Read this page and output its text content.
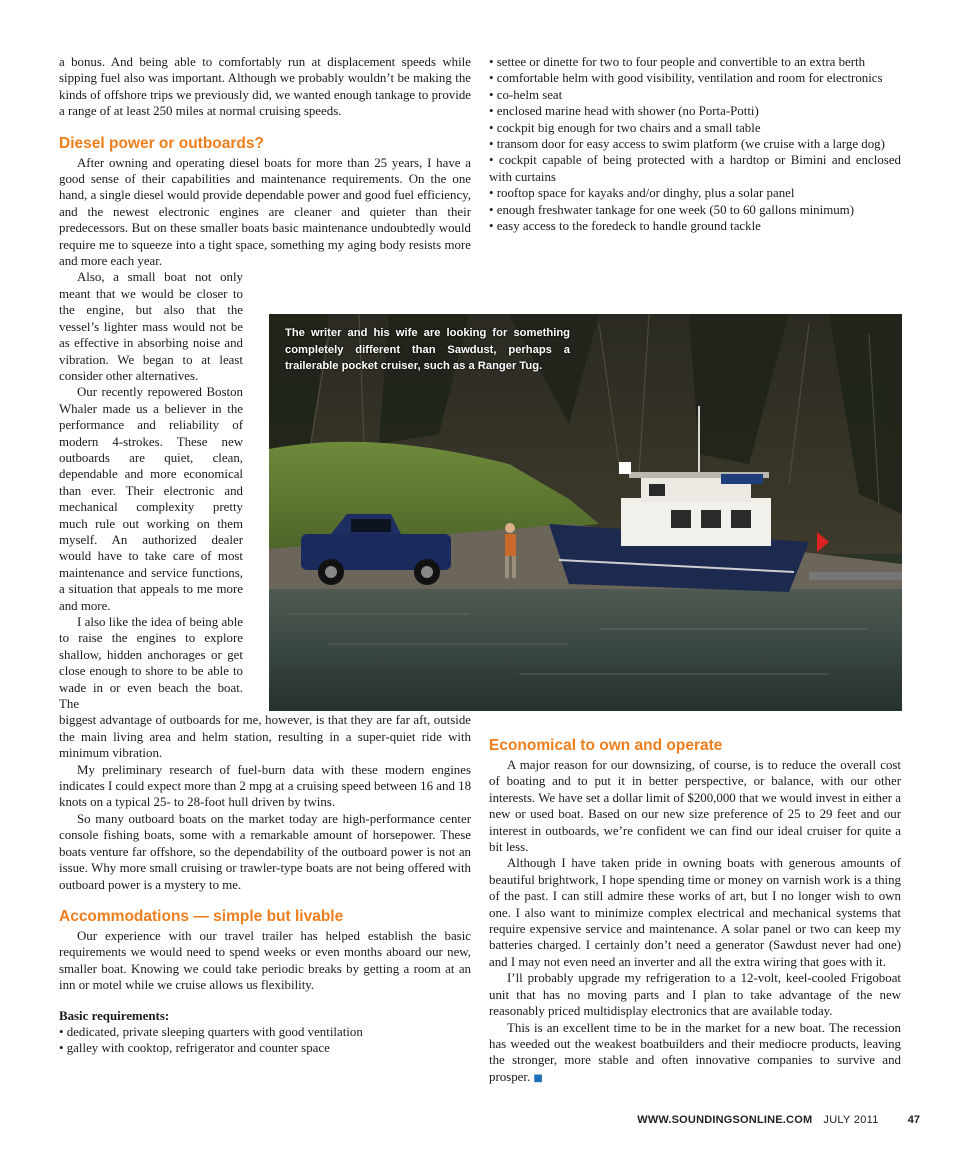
a bonus. And being able to comfortably run at displacement speeds while sipping fuel also was important. Although we probably wouldn’t be making the kinds of offshore trips we previously did, we wanted enough tankage to provide a range of at least 250 miles at normal cruising speeds.

Diesel power or outboards?

After owning and operating diesel boats for more than 25 years, I have a good sense of their capabilities and maintenance requirements. On the one hand, a single diesel would provide dependable power and good fuel efficiency, and the newest electronic engines are cleaner and quieter than their predecessors. But on these smaller boats basic maintenance undoubtedly would require me to squeeze into a tight space, something my aging body resists more and more each year.

Also, a small boat not only meant that we would be closer to the engine, but also that the vessel’s lighter mass would not be as effective in absorbing noise and vibration. We began to at least consider other alternatives.

Our recently repowered Boston Whaler made us a believer in the performance and reliability of modern 4-strokes. These new outboards are quiet, clean, dependable and more economical than ever. Their electronic and mechanical complexity pretty much rule out working on them myself. An authorized dealer would have to take care of most maintenance and service functions, a situation that appeals to me more and more.

I also like the idea of being able to raise the engines to explore shallow, hidden anchorages or get close enough to shore to be able to wade in or even beach the boat. The

biggest advantage of outboards for me, however, is that they are far aft, outside the main living area and helm station, resulting in a super-quiet ride with minimum vibration.

My preliminary research of fuel-burn data with these modern engines indicates I could expect more than 2 mpg at a cruising speed between 16 and 18 knots on a typical 25- to 28-foot hull driven by twins.

So many outboard boats on the market today are high-performance center console fishing boats, some with a remarkable amount of horsepower. These boats venture far offshore, so the dependability of the outboard power is not an issue. Why more small cruising or trawler-type boats are not being offered with outboard power is a mystery to me.

Accommodations — simple but livable

Our experience with our travel trailer has helped establish the basic requirements we would need to spend weeks or even months aboard our new, smaller boat. Knowing we could take periodic breaks by getting a room at an inn or motel while we cruise allows us flexibility.

Basic requirements:

• dedicated, private sleeping quarters with good ventilation

• galley with cooktop, refrigerator and counter space

• settee or dinette for two to four people and convertible to an extra berth

• comfortable helm with good visibility, ventilation and room for electronics

• co-helm seat

• enclosed marine head with shower (no Porta-Potti)

• cockpit big enough for two chairs and a small table

• transom door for easy access to swim platform (we cruise with a large dog)

• cockpit capable of being protected with a hardtop or Bimini and enclosed with curtains

• rooftop space for kayaks and/or dinghy, plus a solar panel

• enough freshwater tankage for one week (50 to 60 gallons minimum)

• easy access to the foredeck to handle ground tackle

Economical to own and operate

A major reason for our downsizing, of course, is to reduce the overall cost of boating and to put it in better perspective, or balance, with our other interests. We have set a dollar limit of $200,000 that we would invest in either a new or used boat. Based on our new size preference of 25 to 29 feet and our interest in outboards, we’re confident we can find our ideal cruiser for quite a bit less.

Although I have taken pride in owning boats with generous amounts of beautiful brightwork, I hope spending time or money on varnish work is a thing of the past. I can still admire these works of art, but I no longer wish to own one. I also want to minimize complex electrical and mechanical systems that require expensive service and maintenance. A solar panel or two can keep my batteries charged. I certainly don’t need a generator (Sawdust never had one) and I may not even need an inverter and all the extra wiring that goes with it.

I’ll probably upgrade my refrigeration to a 12-volt, keel-cooled Frigoboat unit that has no moving parts and I plan to take advantage of the new reasonably priced multidisplay electronics that are available today.

This is an excellent time to be in the market for a new boat. The recession has weeded out the weakest boatbuilders and their mediocre products, leaving the stronger, more stable and often innovative companies to survive and prosper. ■

The writer and his wife are looking for something completely different than Sawdust, perhaps a trailerable pocket cruiser, such as a Ranger Tug.
WWW.SOUNDINGSONLINE.COM JULY 2011	47
